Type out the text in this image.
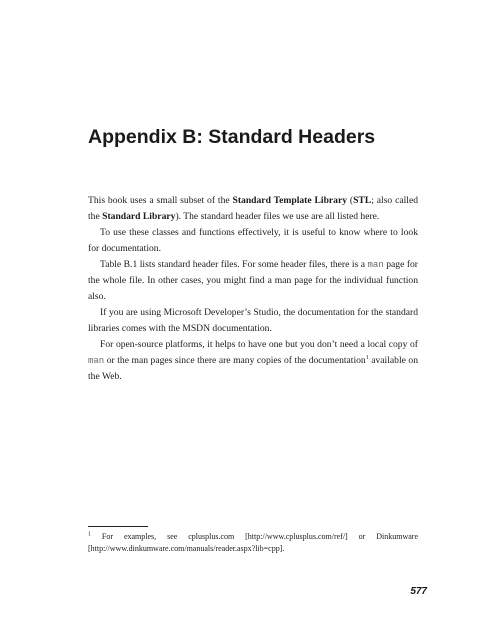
Appendix B: Standard Headers

This book uses a small subset of the Standard Template Library (STL; also called the Standard Library). The standard header files we use are all listed here.

To use these classes and functions effectively, it is useful to know where to look for documentation.

Table B.1 lists standard header files. For some header files, there is a man page for the whole file. In other cases, you might find a man page for the individual function also.

If you are using Microsoft Developer’s Studio, the documentation for the standard libraries comes with the MSDN documentation.

For open-source platforms, it helps to have one but you don’t need a local copy of man or the man pages since there are many copies of the documentation$^1$ available on the Web.

$^1$ For examples, see cplusplus.com [http://www.cplusplus.com/ref/] or Dinkumware [http://www.dinkumware.com/manuals/reader.aspx?lib=cpp].
577
